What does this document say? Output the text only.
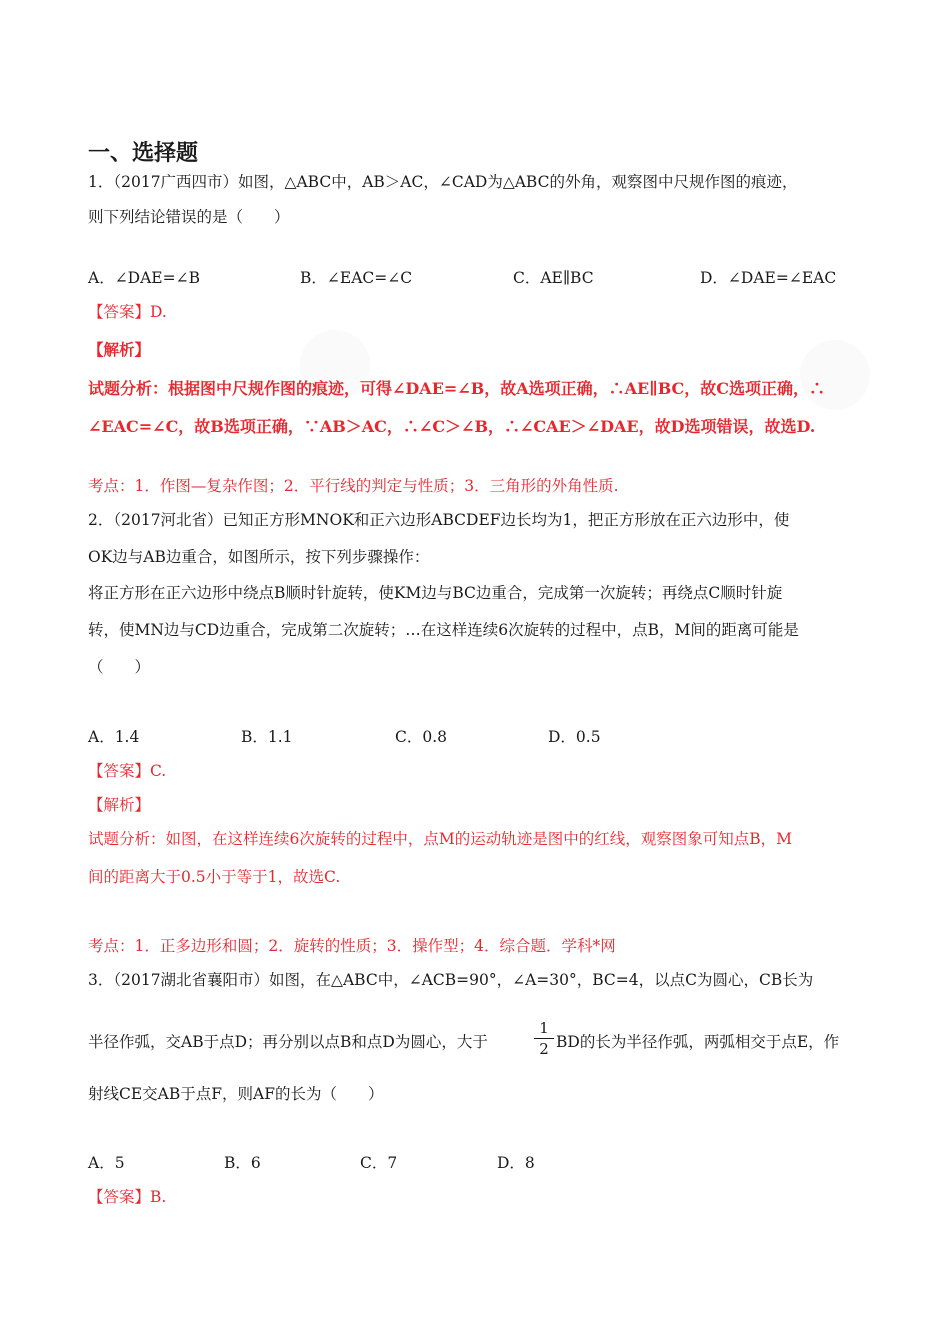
一、选择题
1．（2017广西四市）如图，△ABC中，AB＞AC，∠CAD为△ABC的外角，观察图中尺规作图的痕迹，
则下列结论错误的是（　　）
A．∠DAE=∠B	B．∠EAC=∠C	C．AE∥BC	D．∠DAE=∠EAC
【答案】D.
【解析】
试题分析：根据图中尺规作图的痕迹，可得∠DAE=∠B，故A选项正确，∴AE∥BC，故C选项正确，∴
∠EAC=∠C，故B选项正确，∵AB＞AC，∴∠C＞∠B，∴∠CAE＞∠DAE，故D选项错误，故选D.
考点：1．作图—复杂作图；2．平行线的判定与性质；3．三角形的外角性质.
2．（2017河北省）已知正方形MNOK和正六边形ABCDEF边长均为1，把正方形放在正六边形中，使
OK边与AB边重合，如图所示，按下列步骤操作：
将正方形在正六边形中绕点B顺时针旋转，使KM边与BC边重合，完成第一次旋转；再绕点C顺时针旋
转，使MN边与CD边重合，完成第二次旋转；…在这样连续6次旋转的过程中，点B，M间的距离可能是
（　　）
A．1.4	B．1.1	C．0.8	D．0.5
【答案】C.
【解析】
试题分析：如图，在这样连续6次旋转的过程中，点M的运动轨迹是图中的红线，观察图象可知点B，M
间的距离大于0.5小于等于1，故选C.
考点：1．正多边形和圆；2．旋转的性质；3．操作型；4．综合题．学科*网
3．（2017湖北省襄阳市）如图，在△ABC中，∠ACB=90°，∠A=30°，BC=4，以点C为圆心，CB长为
半径作弧，交AB于点D；再分别以点B和点D为圆心，大于
1
2 BD的长为半径作弧，两弧相交于点E，作
射线CE交AB于点F，则AF的长为（　　）
A．5	B．6	C．7	D．8
【答案】B.
